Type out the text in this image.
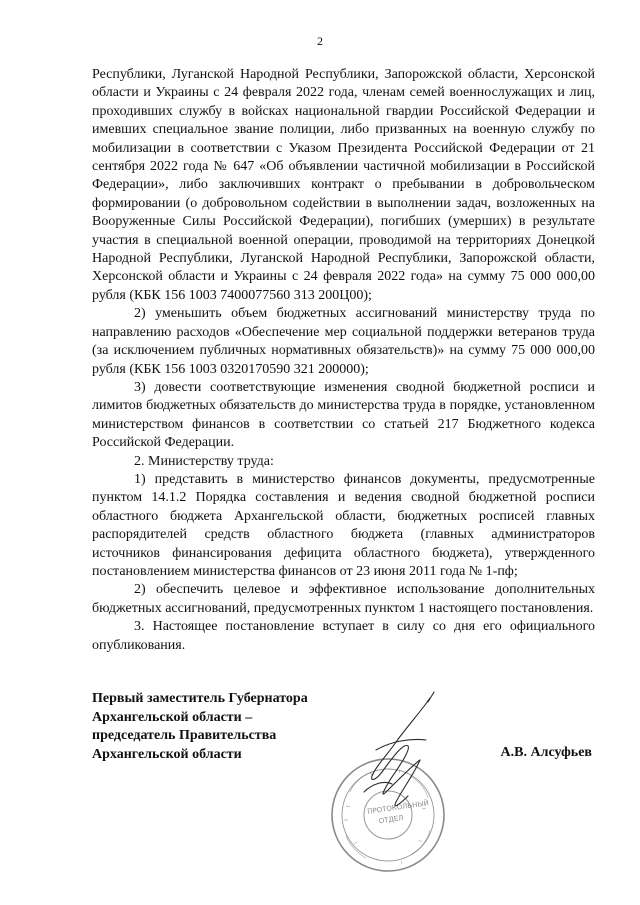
2

Республики, Луганской Народной Республики, Запорожской области, Херсонской области и Украины с 24 февраля 2022 года, членам семей военнослужащих и лиц, проходивших службу в войсках национальной гвардии Российской Федерации и имевших специальное звание полиции, либо призванных на военную службу по мобилизации в соответствии с Указом Президента Российской Федерации от 21 сентября 2022 года № 647 «Об объявлении частичной мобилизации в Российской Федерации», либо заключивших контракт о пребывании в добровольческом формировании (о добровольном содействии в выполнении задач, возложенных на Вооруженные Силы Российской Федерации), погибших (умерших) в результате участия в специальной военной операции, проводимой на территориях Донецкой Народной Республики, Луганской Народной Республики, Запорожской области, Херсонской области и Украины с 24 февраля 2022 года» на сумму 75 000 000,00 рубля (КБК 156 1003 7400077560 313 200Ц00);

2) уменьшить объем бюджетных ассигнований министерству труда по направлению расходов «Обеспечение мер социальной поддержки ветеранов труда (за исключением публичных нормативных обязательств)» на сумму 75 000 000,00 рубля (КБК 156 1003 0320170590 321 200000);

3) довести соответствующие изменения сводной бюджетной росписи и лимитов бюджетных обязательств до министерства труда в порядке, установленном министерством финансов в соответствии со статьей 217 Бюджетного кодекса Российской Федерации.

2. Министерству труда:

1) представить в министерство финансов документы, предусмотренные пунктом 14.1.2 Порядка составления и ведения сводной бюджетной росписи областного бюджета Архангельской области, бюджетных росписей главных распорядителей средств областного бюджета (главных администраторов источников финансирования дефицита областного бюджета), утвержденного постановлением министерства финансов от 23 июня 2011 года № 1-пф;

2) обеспечить целевое и эффективное использование дополнительных бюджетных ассигнований, предусмотренных пунктом 1 настоящего постановления.

3. Настоящее постановление вступает в силу со дня его официального опубликования.

Первый заместитель Губернатора
Архангельской области –
председатель Правительства
Архангельской области	А.В. Алсуфьев
ПРОТОКОЛЬНЫЙ
ОТДЕЛ
